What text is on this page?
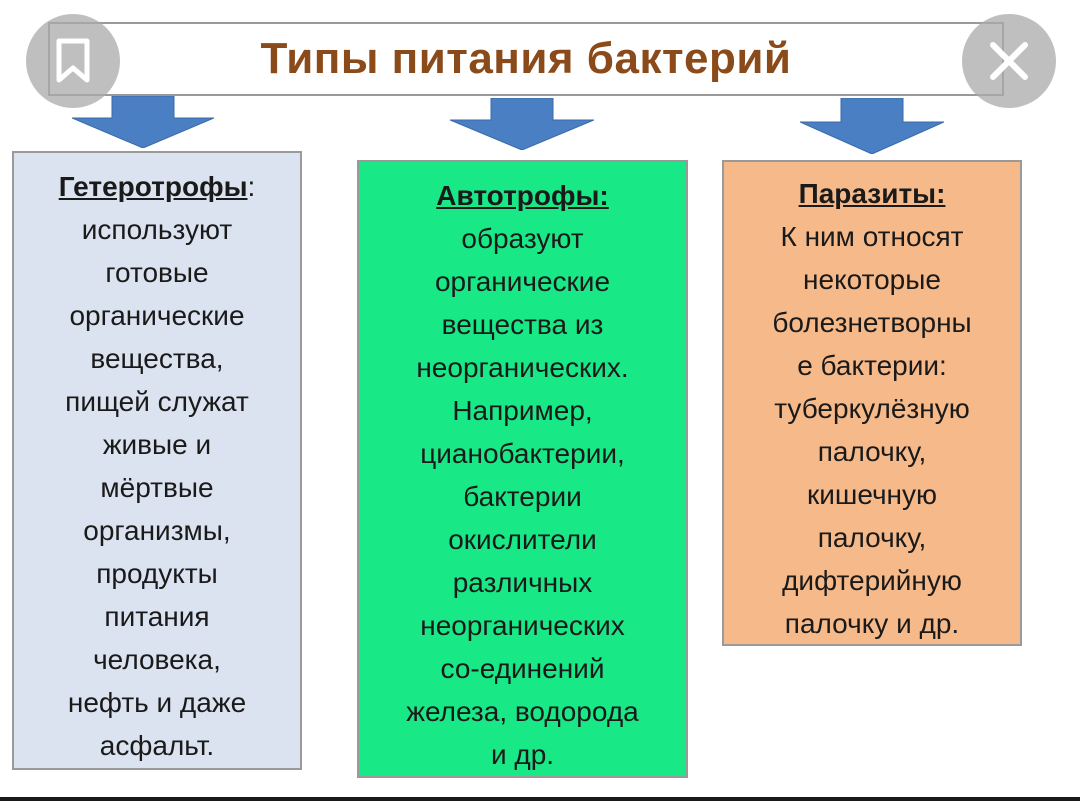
Типы питания бактерий
Гетеротрофы:
используют
готовые
органические
вещества,
пищей служат
живые и
мёртвые
организмы,
продукты
питания
человека,
нефть и даже
асфальт.
Автотрофы:
образуют
органические
вещества из
неорганических.
Например,
цианобактерии,
бактерии
окислители
различных
неорганических
со-единений
железа, водорода
и др.
Паразиты:
К ним относят
некоторые
болезнетворны
е бактерии:
туберкулёзную
палочку,
кишечную
палочку,
дифтерийную
палочку и др.
